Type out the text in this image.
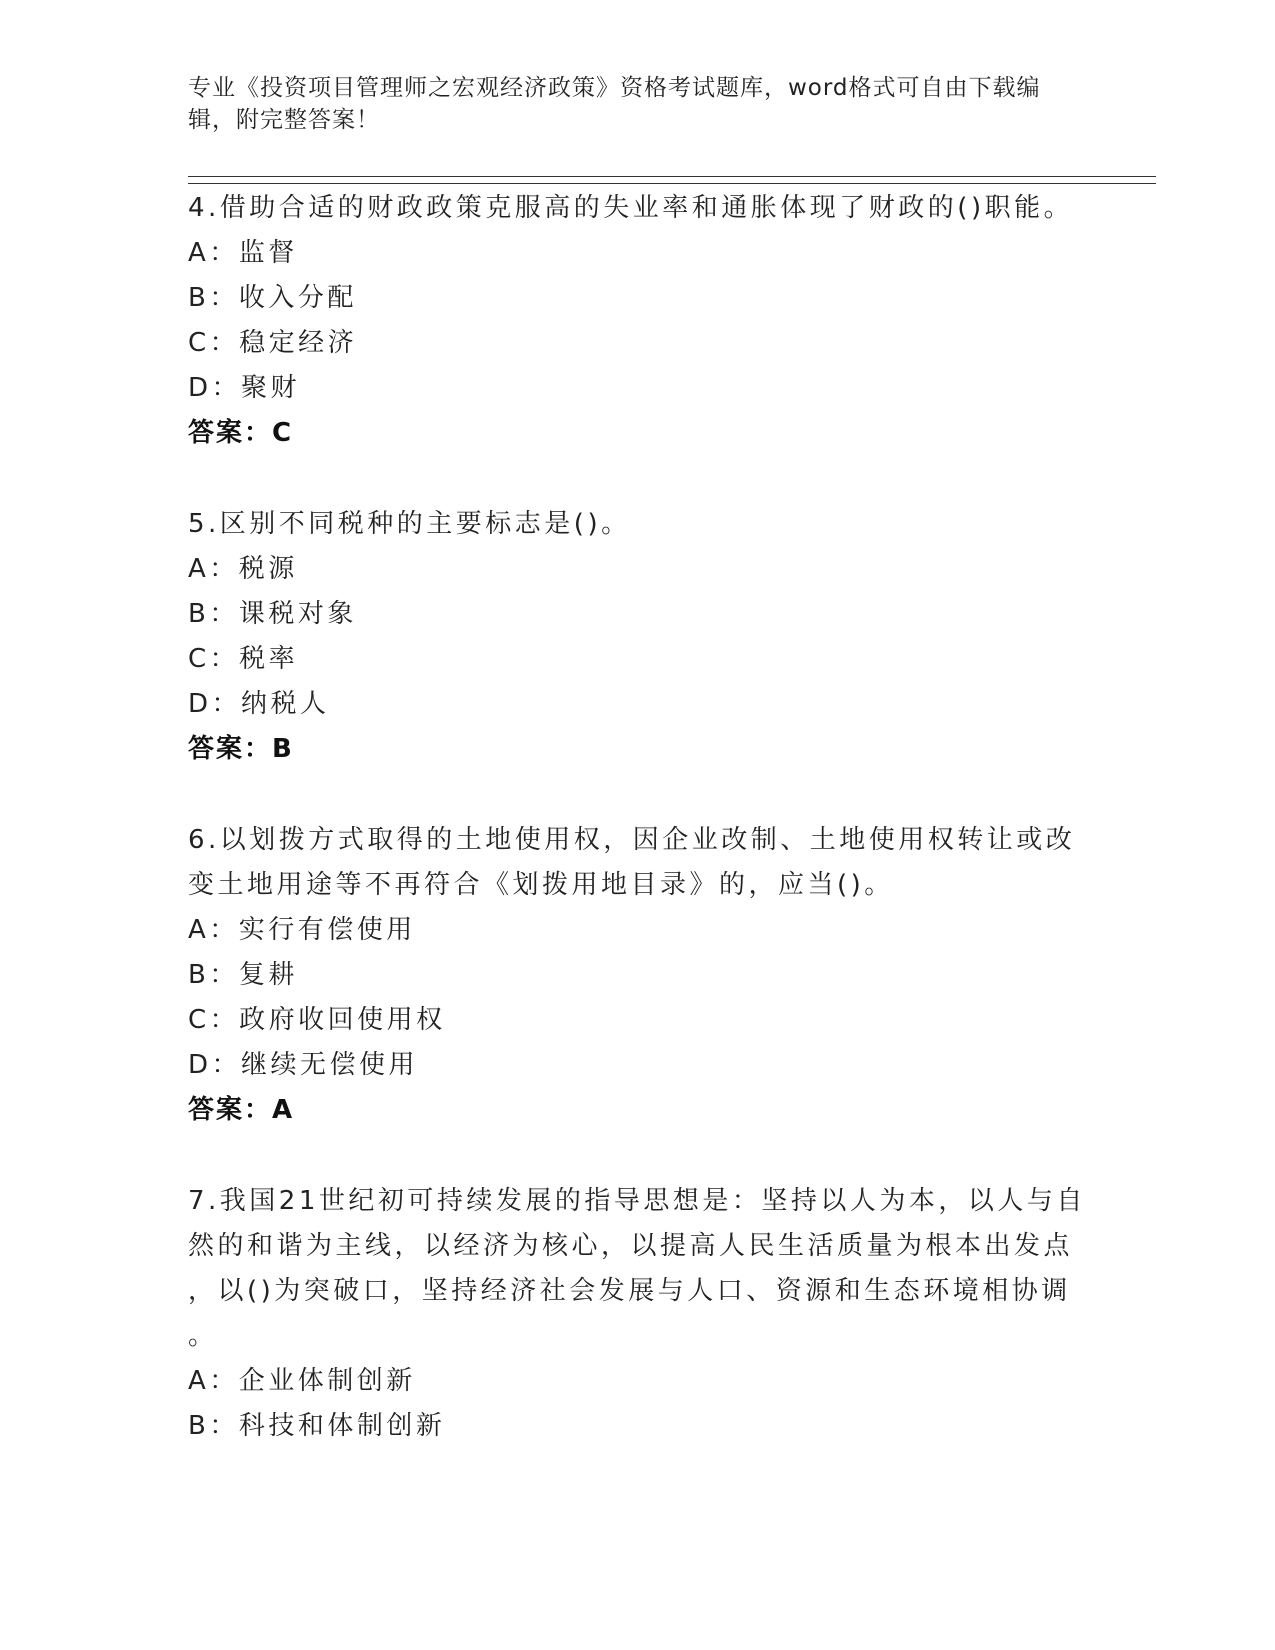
专业《投资项目管理师之宏观经济政策》资格考试题库，word格式可自由下载编
辑，附完整答案！
4.借助合适的财政政策克服高的失业率和通胀体现了财政的()职能。
A：监督
B：收入分配
C：稳定经济
D：聚财
答案：C
5.区别不同税种的主要标志是()。
A：税源
B：课税对象
C：税率
D：纳税人
答案：B
6.以划拨方式取得的土地使用权，因企业改制、土地使用权转让或改
变土地用途等不再符合《划拨用地目录》的，应当()。
A：实行有偿使用
B：复耕
C：政府收回使用权
D：继续无偿使用
答案：A
7.我国21世纪初可持续发展的指导思想是：坚持以人为本，以人与自
然的和谐为主线，以经济为核心，以提高人民生活质量为根本出发点
，以()为突破口，坚持经济社会发展与人口、资源和生态环境相协调
。
A：企业体制创新
B：科技和体制创新
